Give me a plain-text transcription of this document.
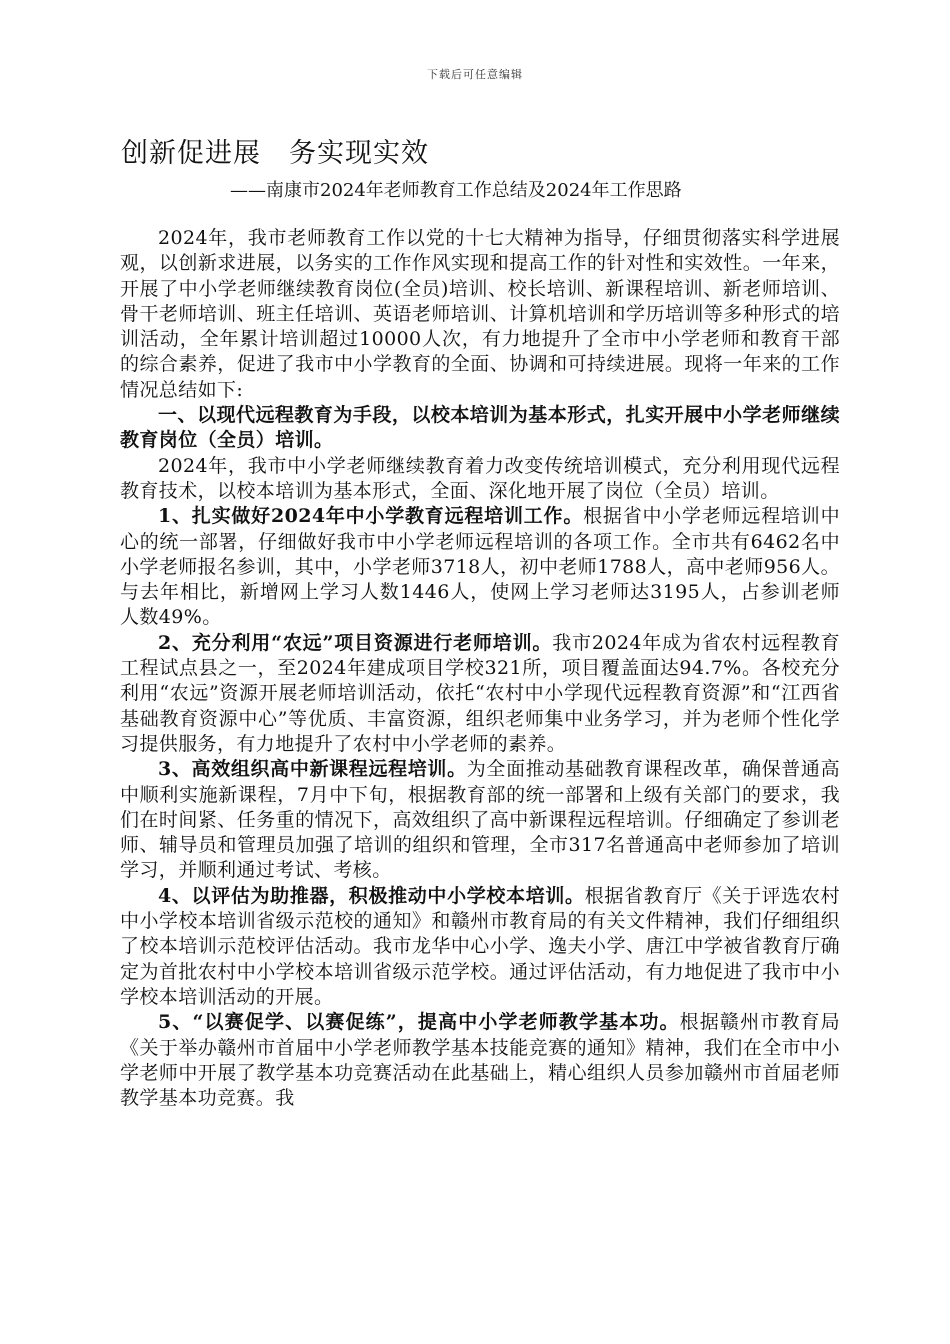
下载后可任意编辑
创新促进展　务实现实效
——南康市2024年老师教育工作总结及2024年工作思路

2024年，我市老师教育工作以党的十七大精神为指导，仔细贯彻落实科学进展观，以创新求进展，以务实的工作作风实现和提高工作的针对性和实效性。一年来，开展了中小学老师继续教育岗位(全员)培训、校长培训、新课程培训、新老师培训、骨干老师培训、班主任培训、英语老师培训、计算机培训和学历培训等多种形式的培训活动，全年累计培训超过10000人次，有力地提升了全市中小学老师和教育干部的综合素养，促进了我市中小学教育的全面、协调和可持续进展。现将一年来的工作情况总结如下:

一、以现代远程教育为手段，以校本培训为基本形式，扎实开展中小学老师继续教育岗位（全员）培训。

2024年，我市中小学老师继续教育着力改变传统培训模式，充分利用现代远程教育技术，以校本培训为基本形式，全面、深化地开展了岗位（全员）培训。

1、扎实做好2024年中小学教育远程培训工作。根据省中小学老师远程培训中心的统一部署，仔细做好我市中小学老师远程培训的各项工作。全市共有6462名中小学老师报名参训，其中，小学老师3718人，初中老师1788人，高中老师956人。与去年相比，新增网上学习人数1446人，使网上学习老师达3195人，占参训老师人数49%。

2、充分利用“农远”项目资源进行老师培训。我市2024年成为省农村远程教育工程试点县之一，至2024年建成项目学校321所，项目覆盖面达94.7%。各校充分利用“农远”资源开展老师培训活动，依托“农村中小学现代远程教育资源”和“江西省基础教育资源中心”等优质、丰富资源，组织老师集中业务学习，并为老师个性化学习提供服务，有力地提升了农村中小学老师的素养。

3、高效组织高中新课程远程培训。为全面推动基础教育课程改革，确保普通高中顺利实施新课程，7月中下旬，根据教育部的统一部署和上级有关部门的要求，我们在时间紧、任务重的情况下，高效组织了高中新课程远程培训。仔细确定了参训老师、辅导员和管理员加强了培训的组织和管理，全市317名普通高中老师参加了培训学习，并顺利通过考试、考核。

4、以评估为助推器，积极推动中小学校本培训。根据省教育厅《关于评选农村中小学校本培训省级示范校的通知》和赣州市教育局的有关文件精神，我们仔细组织了校本培训示范校评估活动。我市龙华中心小学、逸夫小学、唐江中学被省教育厅确定为首批农村中小学校本培训省级示范学校。通过评估活动，有力地促进了我市中小学校本培训活动的开展。

5、“以赛促学、以赛促练”，提高中小学老师教学基本功。根据赣州市教育局《关于举办赣州市首届中小学老师教学基本技能竞赛的通知》精神，我们在全市中小学老师中开展了教学基本功竞赛活动在此基础上，精心组织人员参加赣州市首届老师教学基本功竞赛。我
